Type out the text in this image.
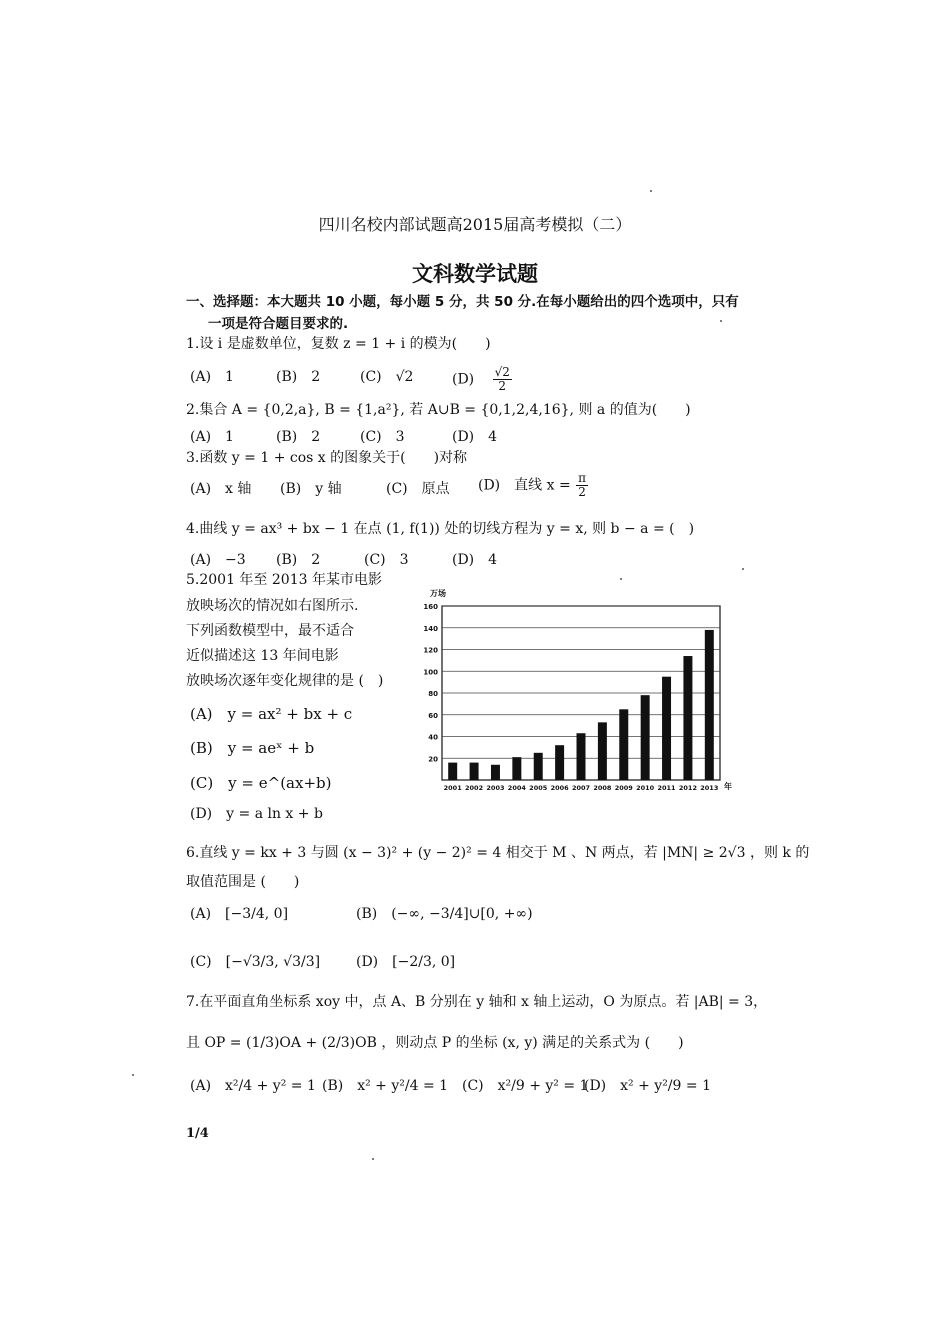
四川名校内部试题高2015届高考模拟（二）
文科数学试题
一、选择题：本大题共 10 小题，每小题 5 分，共 50 分.在每小题给出的四个选项中，只有
一项是符合题目要求的.
1.设 i 是虚数单位，复数 z = 1 + i 的模为(　　)
(A)　1	(B)　2	(C)　√2	$(D) \frac{√2}{2}$
2.集合 A = {0,2,a}, B = {1,a²}, 若 A∪B = {0,1,2,4,16}, 则 a 的值为(　　)
(A)　1	(B)　2	(C)　3	(D)　4
3.函数 y = 1 + cos x 的图象关于(　　)对称
(A)　x 轴 (B)　y 轴	(C)　原点 (D)　直线 $x = \frac{\pi}{2}$
4.曲线 y = ax³ + bx − 1 在点 (1, f(1)) 处的切线方程为 y = x, 则 b − a = (　)
(A)　−3 (B)　2	(C)　3	(D)　4
5.2001 年至 2013 年某市电影
放映场次的情况如右图所示.
下列函数模型中，最不适合
近似描述这 13 年间电影
放映场次逐年变化规律的是 (　)
(A)　y = ax² + bx + c
(B)　y = aeˣ + b
(C)　y = e^(ax+b)
(D)　y = a ln x + b
20
40
60
80
100
120
140
160
万场
2001 2002 2003 2004 2005 2006 2007 2008 2009 2010 2011 2012 2013 年
6.直线 y = kx + 3 与圆 (x − 3)² + (y − 2)² = 4 相交于 M 、N 两点，若 |MN| ≥ 2√3 ，则 k 的
取值范围是 (　　)
(A)　[−3/4, 0]	(B)　(−∞, −3/4]∪[0, +∞)
(C)　[−√3/3, √3/3]	(D)　[−2/3, 0]
7.在平面直角坐标系 xoy 中，点 A、B 分别在 y 轴和 x 轴上运动，O 为原点。若 |AB| = 3，
且 OP = (1/3)OA + (2/3)OB ，则动点 P 的坐标 (x, y) 满足的关系式为 (　　)
(A)　x²/4 + y² = 1 (B)　x² + y²/4 = 1 (C)　x²/9 + y² = 1
(D)　x² + y²/9 = 1
1/4
